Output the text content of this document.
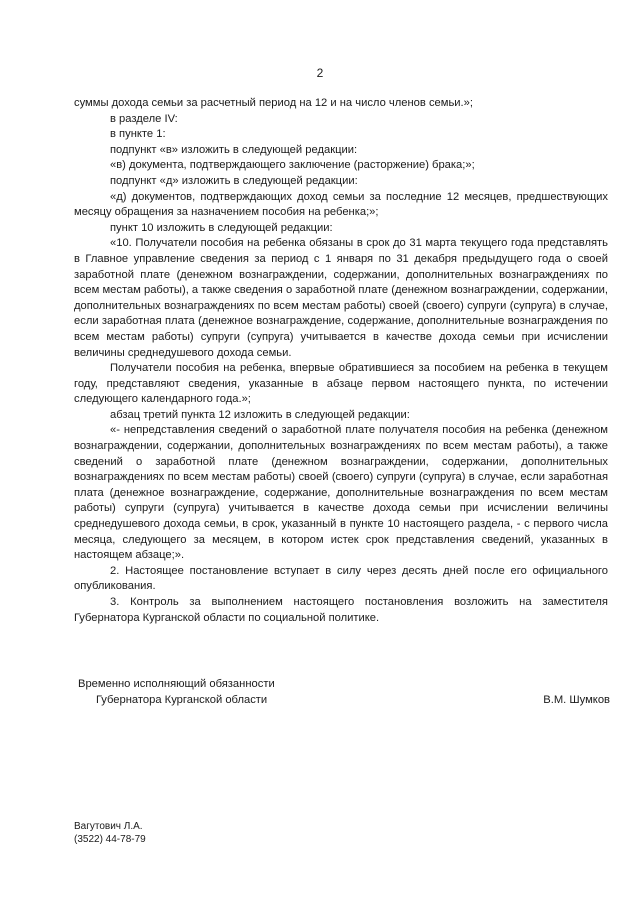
2

суммы дохода семьи за расчетный период на 12 и на число членов семьи.»;

в разделе IV:

в пункте 1:

подпункт «в» изложить в следующей редакции:

«в) документа, подтверждающего заключение (расторжение) брака;»;

подпункт «д» изложить в следующей редакции:

«д) документов, подтверждающих доход семьи за последние 12 месяцев, предшествующих месяцу обращения за назначением пособия на ребенка;»;

пункт 10 изложить в следующей редакции:

«10. Получатели пособия на ребенка обязаны в срок до 31 марта текущего года представлять в Главное управление сведения за период с 1 января по 31 декабря предыдущего года о своей заработной плате (денежном вознаграждении, содержании, дополнительных вознаграждениях по всем местам работы), а также сведения о заработной плате (денежном вознаграждении, содержании, дополнительных вознаграждениях по всем местам работы) своей (своего) супруги (супруга) в случае, если заработная плата (денежное вознаграждение, содержание, дополнительные вознаграждения по всем местам работы) супруги (супруга) учитывается в качестве дохода семьи при исчислении величины среднедушевого дохода семьи.

Получатели пособия на ребенка, впервые обратившиеся за пособием на ребенка в текущем году, представляют сведения, указанные в абзаце первом настоящего пункта, по истечении следующего календарного года.»;

абзац третий пункта 12 изложить в следующей редакции:

«- непредставления сведений о заработной плате получателя пособия на ребенка (денежном вознаграждении, содержании, дополнительных вознаграждениях по всем местам работы), а также сведений о заработной плате (денежном вознаграждении, содержании, дополнительных вознаграждениях по всем местам работы) своей (своего) супруги (супруга) в случае, если заработная плата (денежное вознаграждение, содержание, дополнительные вознаграждения по всем местам работы) супруги (супруга) учитывается в качестве дохода семьи при исчислении величины среднедушевого дохода семьи, в срок, указанный в пункте 10 настоящего раздела, - с первого числа месяца, следующего за месяцем, в котором истек срок представления сведений, указанных в настоящем абзаце;».

2. Настоящее постановление вступает в силу через десять дней после его официального опубликования.

3. Контроль за выполнением настоящего постановления возложить на заместителя Губернатора Курганской области по социальной политике.

Временно исполняющий обязанности
Губернатора Курганской области	В.М. Шумков
Вагутович Л.А.
(3522) 44-78-79
